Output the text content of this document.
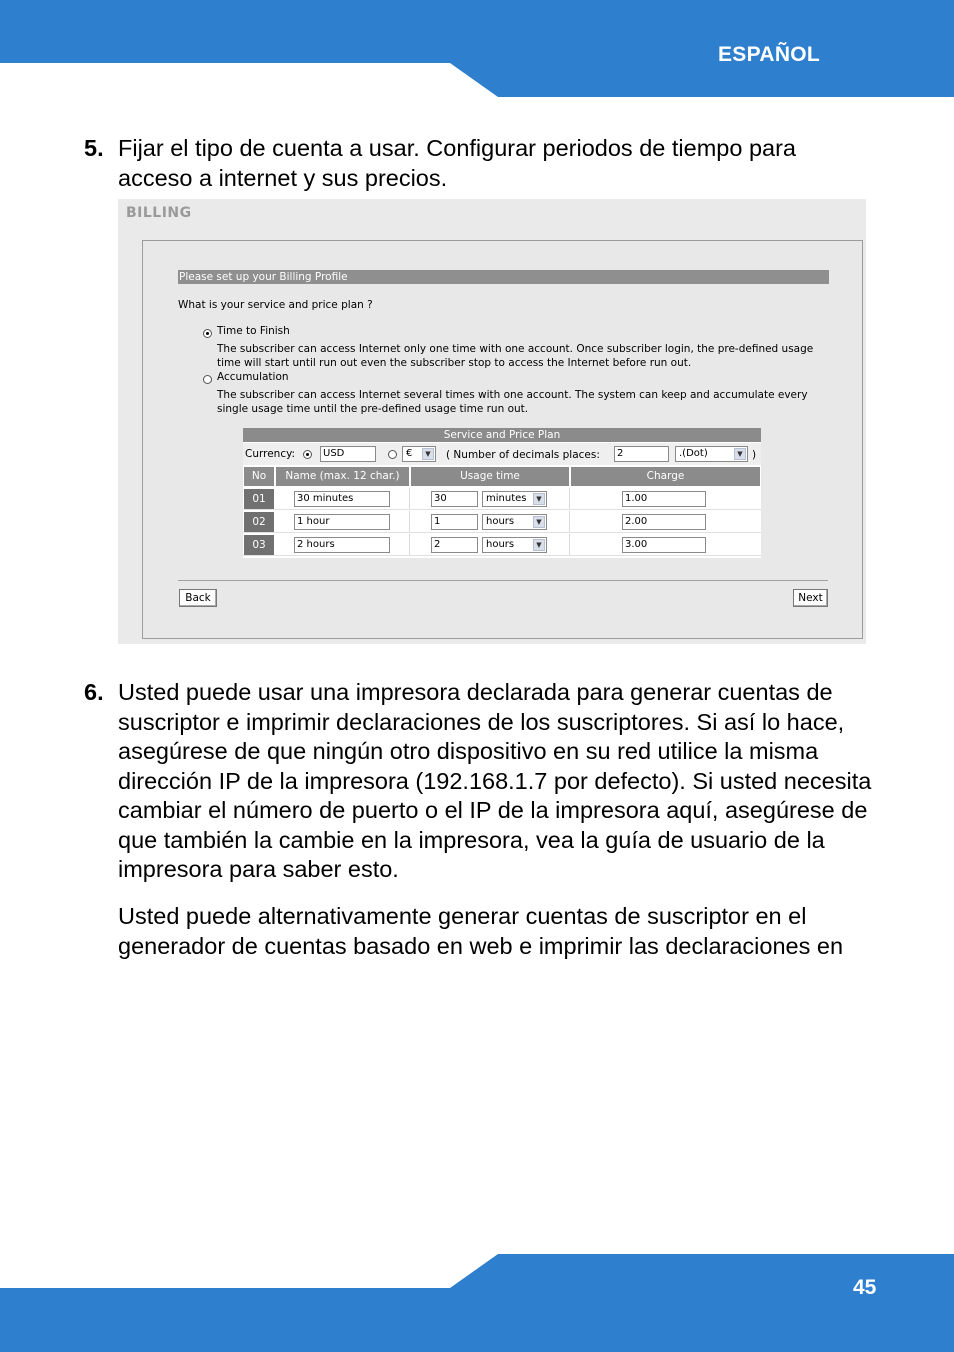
ESPAÑOL
5. Fijar el tipo de cuenta a usar. Configurar periodos de tiempo para acceso a internet y sus precios.
BILLING
Please set up your Billing Profile
What is your service and price plan ?
Time to Finish
The subscriber can access Internet only one time with one account. Once subscriber login, the pre-defined usage time will start until run out even the subscriber stop to access the Internet before run out.
Accumulation
The subscriber can access Internet several times with one account. The system can keep and accumulate every single usage time until the pre-defined usage time run out.
Service and Price Plan
Currency:	USD	€	▼	( Number of decimals places:	2	.(Dot)	▼ )
No	Name (max. 12 char.)	Usage time	Charge
01	30 minutes	30	minutes	▼	1.00
02	1 hour	1	hours	▼	2.00
03	2 hours	2	hours	▼	3.00
Back	Next
6. Usted puede usar una impresora declarada para generar cuentas de suscriptor e imprimir declaraciones de los suscriptores. Si así lo hace, asegúrese de que ningún otro dispositivo en su red utilice la misma dirección IP de la impresora (192.168.1.7 por defecto). Si usted necesita cambiar el número de puerto o el IP de la impresora aquí, asegúrese de que también la cambie en la impresora, vea la guía de usuario de la impresora para saber esto.
Usted puede alternativamente generar cuentas de suscriptor en el generador de cuentas basado en web e imprimir las declaraciones en
45
